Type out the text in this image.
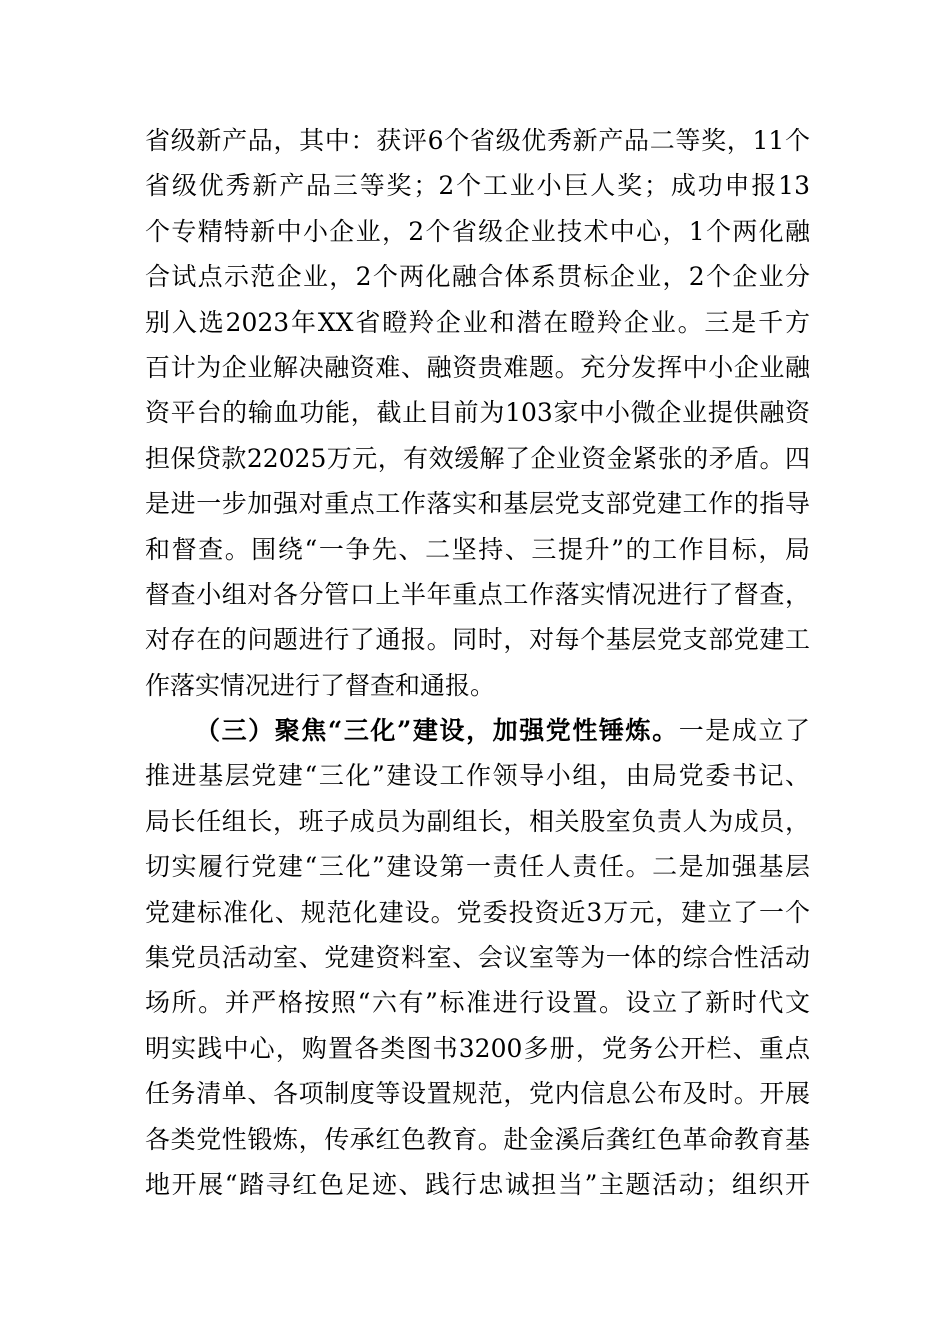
省级新产品，其中：获评6个省级优秀新产品二等奖，11个
省级优秀新产品三等奖；2个工业小巨人奖；成功申报13
个专精特新中小企业，2个省级企业技术中心，1个两化融
合试点示范企业，2个两化融合体系贯标企业，2个企业分
别入选2023年XX省瞪羚企业和潜在瞪羚企业。三是千方
百计为企业解决融资难、融资贵难题。充分发挥中小企业融
资平台的输血功能，截止目前为103家中小微企业提供融资
担保贷款22025万元，有效缓解了企业资金紧张的矛盾。四
是进一步加强对重点工作落实和基层党支部党建工作的指导
和督查。围绕“一争先、二坚持、三提升”的工作目标，局
督查小组对各分管口上半年重点工作落实情况进行了督查，
对存在的问题进行了通报。同时，对每个基层党支部党建工
作落实情况进行了督查和通报。
（三）聚焦“三化”建设，加强党性锤炼。一是成立了
推进基层党建“三化”建设工作领导小组，由局党委书记、
局长任组长，班子成员为副组长，相关股室负责人为成员，
切实履行党建“三化”建设第一责任人责任。二是加强基层
党建标准化、规范化建设。党委投资近3万元，建立了一个
集党员活动室、党建资料室、会议室等为一体的综合性活动
场所。并严格按照“六有”标准进行设置。设立了新时代文
明实践中心，购置各类图书3200多册，党务公开栏、重点
任务清单、各项制度等设置规范，党内信息公布及时。开展
各类党性锻炼，传承红色教育。赴金溪后龚红色革命教育基
地开展“踏寻红色足迹、践行忠诚担当”主题活动；组织开
